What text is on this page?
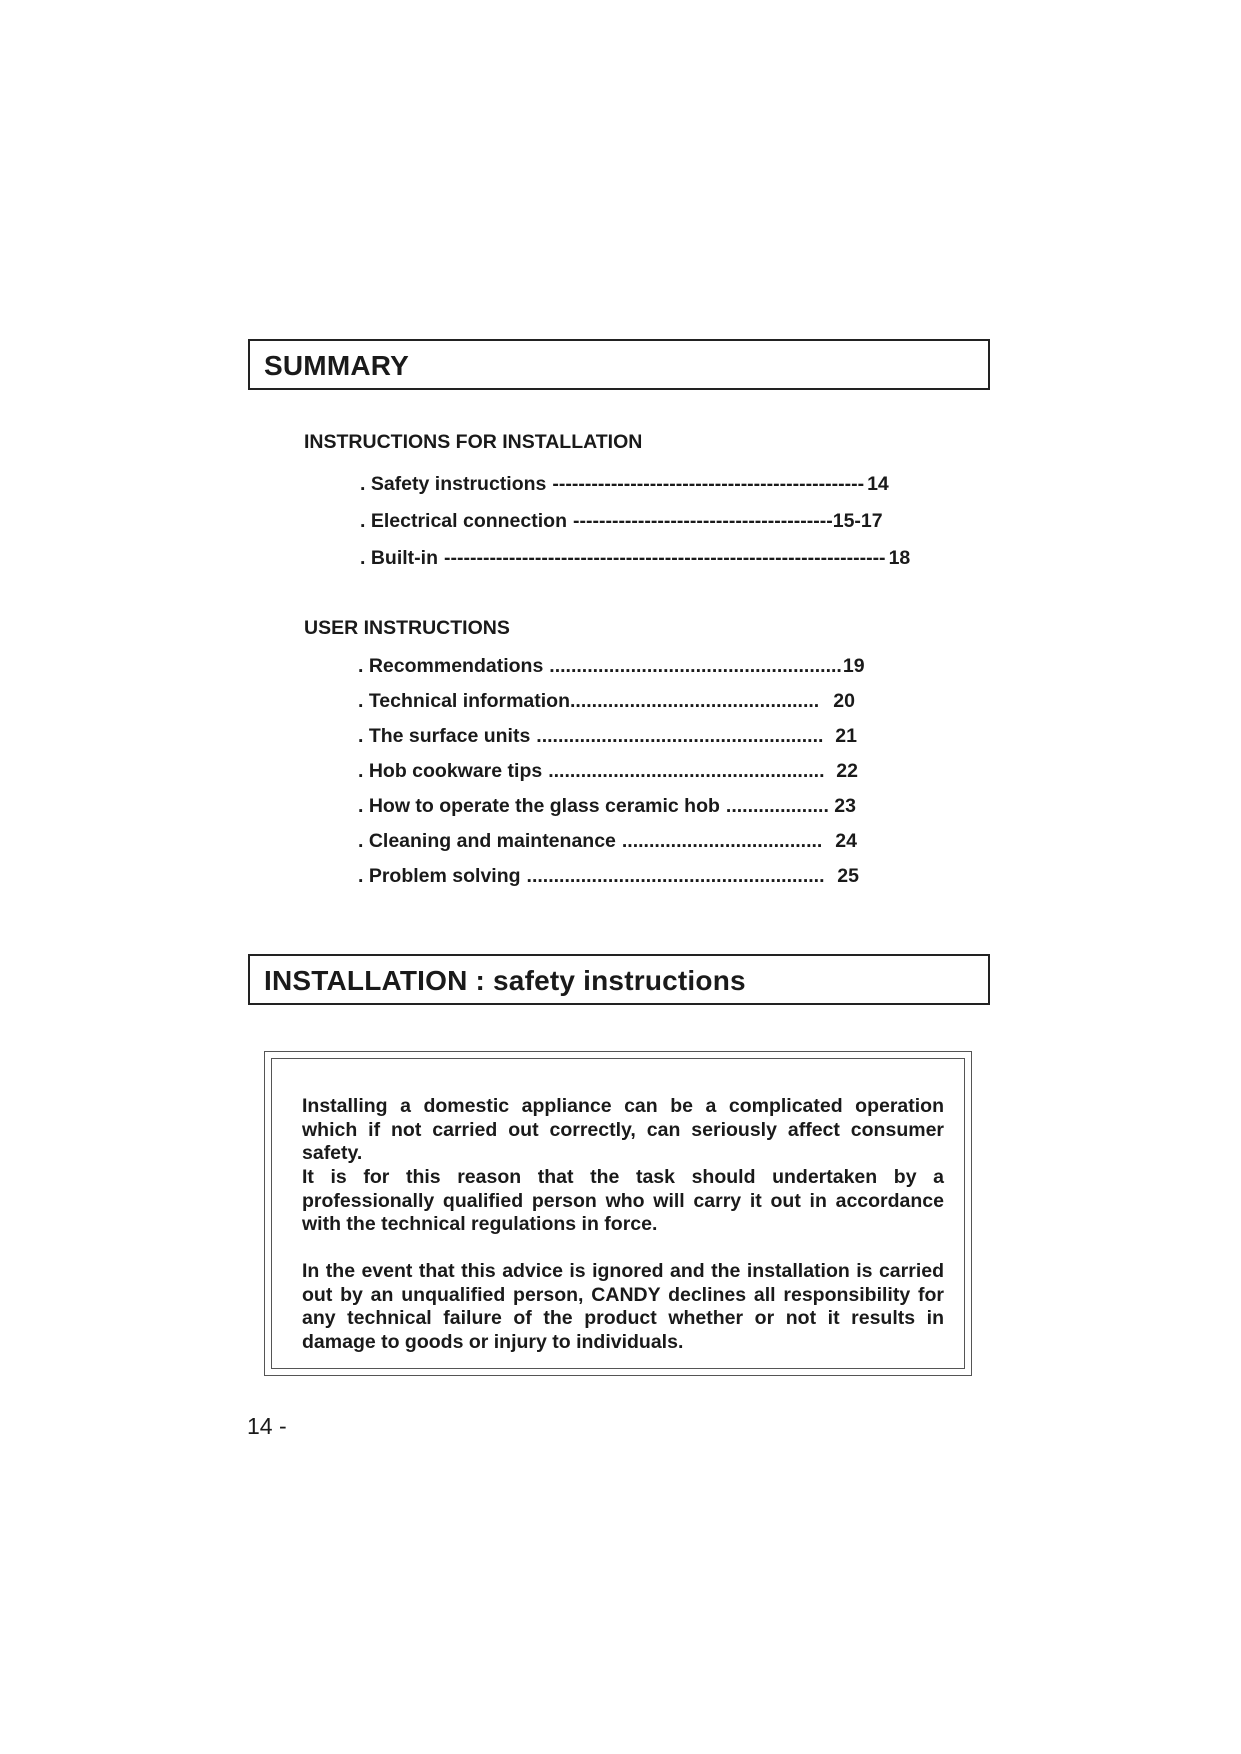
SUMMARY
INSTRUCTIONS FOR INSTALLATION
. Safety instructions ------------------------------------------------ 14
. Electrical connection ---------------------------------------- 15-17
. Built-in -------------------------------------------------------------------- 18
USER INSTRUCTIONS
. Recommendations ...................................................... 19
. Technical information .............................................. 20
. The surface units ..................................................... 21
. Hob cookware tips ................................................... 22
. How to operate the glass ceramic hob ................... 23
. Cleaning and maintenance ..................................... 24
. Problem solving ....................................................... 25
INSTALLATION : safety instructions
Installing a domestic appliance can be a complicated operation which if not carried out correctly, can seriously affect consumer safety.
It is for this reason that the task should undertaken by a professionally qualified person who will carry it out in accordance with the technical regulations in force.
In the event that this advice is ignored and the installation is carried out by an unqualified person, CANDY declines all responsibility for any technical failure of the product whether or not it results in damage to goods or injury to individuals.
14 -
